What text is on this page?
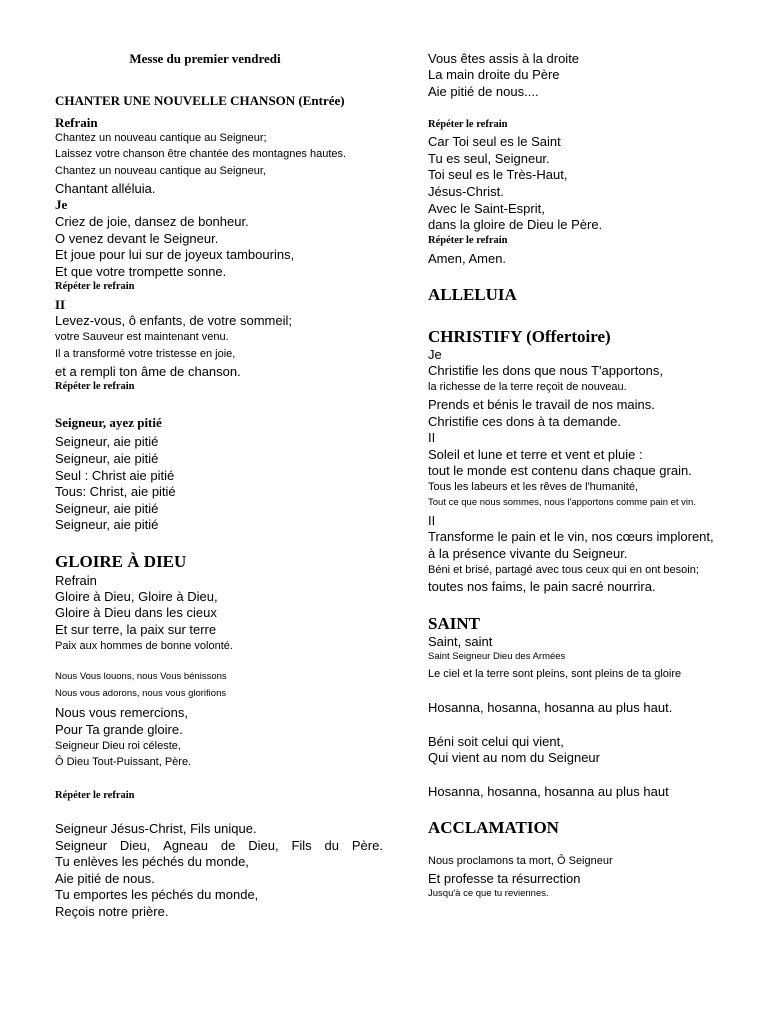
Messe du premier vendredi
CHANTER UNE NOUVELLE CHANSON (Entrée)
Refrain
Chantez un nouveau cantique au Seigneur;
Laissez votre chanson être chantée des montagnes hautes.
Chantez un nouveau cantique au Seigneur,
Chantant alléluia.
Je
Criez de joie, dansez de bonheur.
O venez devant le Seigneur.
Et joue pour lui sur de joyeux tambourins,
Et que votre trompette sonne.
Répéter le refrain
II
Levez-vous, ô enfants, de votre sommeil;
votre Sauveur est maintenant venu.
Il a transformé votre tristesse en joie,
et a rempli ton âme de chanson.
Répéter le refrain
Seigneur, ayez pitié
Seigneur, aie pitié
Seigneur, aie pitié
Seul : Christ aie pitié
Tous: Christ, aie pitié
Seigneur, aie pitié
Seigneur, aie pitié
GLOIRE À DIEU
Refrain
Gloire à Dieu, Gloire à Dieu,
Gloire à Dieu dans les cieux
Et sur terre, la paix sur terre
Paix aux hommes de bonne volonté.
Nous Vous louons, nous Vous bénissons
Nous vous adorons, nous vous glorifions
Nous vous remercions,
Pour Ta grande gloire.
Seigneur Dieu roi céleste,
Ô Dieu Tout-Puissant, Père.
Répéter le refrain
Seigneur Jésus-Christ, Fils unique.
Seigneur Dieu, Agneau de Dieu, Fils du Père.
Tu enlèves les péchés du monde,
Aie pitié de nous.
Tu emportes les péchés du monde,
Reçois notre prière.
Vous êtes assis à la droite
La main droite du Père
Aie pitié de nous....
Répéter le refrain
Car Toi seul es le Saint
Tu es seul, Seigneur.
Toi seul es le Très-Haut,
Jésus-Christ.
Avec le Saint-Esprit,
dans la gloire de Dieu le Père.
Répéter le refrain
Amen, Amen.
ALLELUIA
CHRISTIFY (Offertoire)
Je
Christifie les dons que nous T'apportons,
la richesse de la terre reçoit de nouveau.
Prends et bénis le travail de nos mains.
Christifie ces dons à ta demande.
II
Soleil et lune et terre et vent et pluie :
tout le monde est contenu dans chaque grain.
Tous les labeurs et les rêves de l'humanité,
Tout ce que nous sommes, nous l'apportons comme pain et vin.
II
Transforme le pain et le vin, nos cœurs implorent,
à la présence vivante du Seigneur.
Béni et brisé, partagé avec tous ceux qui en ont besoin;
toutes nos faims, le pain sacré nourrira.
SAINT
Saint, saint
Saint Seigneur Dieu des Armées
Le ciel et la terre sont pleins, sont pleins de ta gloire
Hosanna, hosanna, hosanna au plus haut.
Béni soit celui qui vient,
Qui vient au nom du Seigneur
Hosanna, hosanna, hosanna au plus haut
ACCLAMATION
Nous proclamons ta mort, Ô Seigneur
Et professe ta résurrection
Jusqu'à ce que tu reviennes.
